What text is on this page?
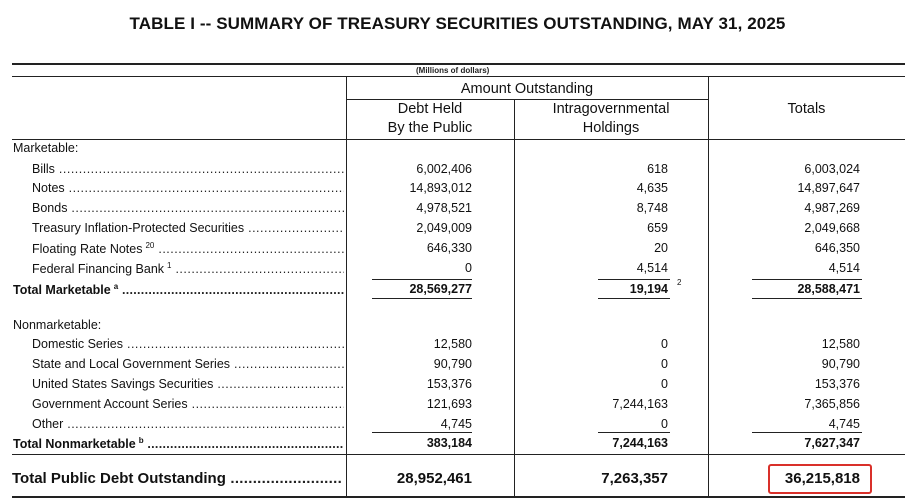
TABLE I -- SUMMARY OF TREASURY SECURITIES OUTSTANDING, MAY 31, 2025
(Millions of dollars)
Amount Outstanding
Debt Held
By the Public
Intragovernmental
Holdings
Totals
Marketable:
Bills .....	6,002,406	618	6,003,024
Notes .....	14,893,012	4,635	14,897,647
Bonds .....	4,978,521	8,748	4,987,269
Treasury Inflation-Protected Securities .....	2,049,009	659	2,049,668
Floating Rate Notes $^{20}$ .....	646,330	20	646,350
Federal Financing Bank $^1$ .....	0	4,514	4,514
Total Marketable $^a$ .....	28,569,277	19,194 2	28,588,471
Nonmarketable:
Domestic Series .....	12,580	0	12,580
State and Local Government Series .....	90,790	0	90,790
United States Savings Securities .....	153,376	0	153,376
Government Account Series .....	121,693	7,244,163	7,365,856
Other .....	4,745	0	4,745
Total Nonmarketable $^b$ .....	383,184	7,244,163	7,627,347
Total Public Debt Outstanding .....	28,952,461	7,263,357	36,215,818
